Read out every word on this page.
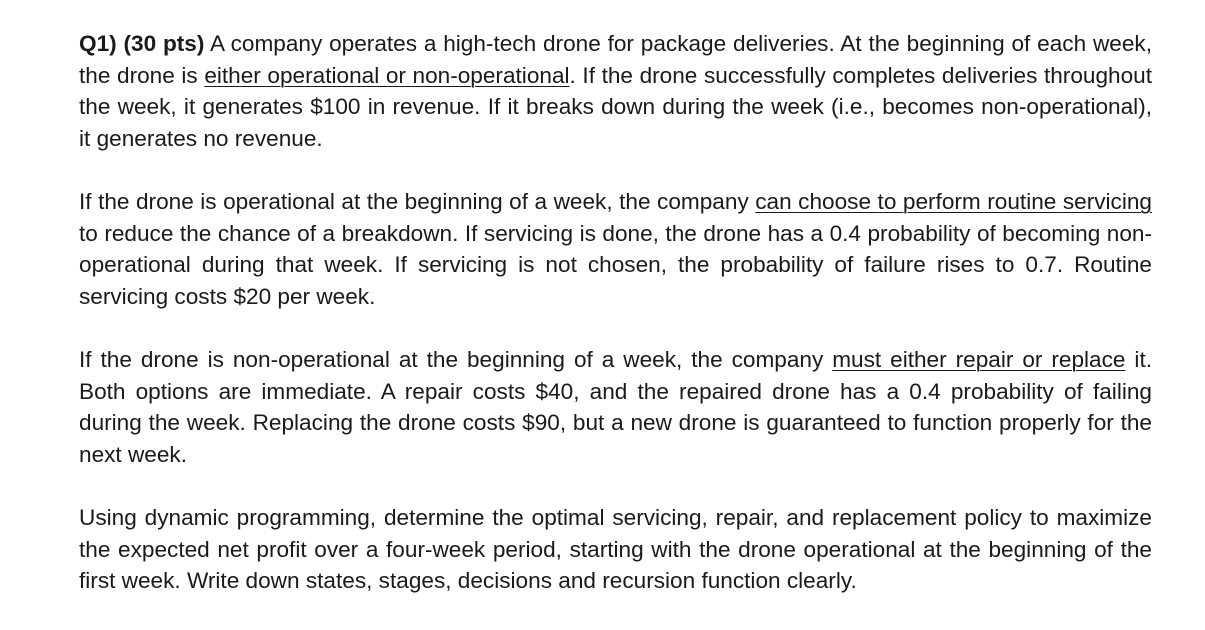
Q1) (30 pts) A company operates a high-tech drone for package deliveries. At the beginning of each week, the drone is either operational or non-operational. If the drone successfully completes deliveries throughout the week, it generates $100 in revenue. If it breaks down during the week (i.e., becomes non-operational), it generates no revenue.

If the drone is operational at the beginning of a week, the company can choose to perform routine servicing to reduce the chance of a breakdown. If servicing is done, the drone has a 0.4 probability of becoming non-operational during that week. If servicing is not chosen, the probability of failure rises to 0.7. Routine servicing costs $20 per week.

If the drone is non-operational at the beginning of a week, the company must either repair or replace it. Both options are immediate. A repair costs $40, and the repaired drone has a 0.4 probability of failing during the week. Replacing the drone costs $90, but a new drone is guaranteed to function properly for the next week.

Using dynamic programming, determine the optimal servicing, repair, and replacement policy to maximize the expected net profit over a four-week period, starting with the drone operational at the beginning of the first week. Write down states, stages, decisions and recursion function clearly.
